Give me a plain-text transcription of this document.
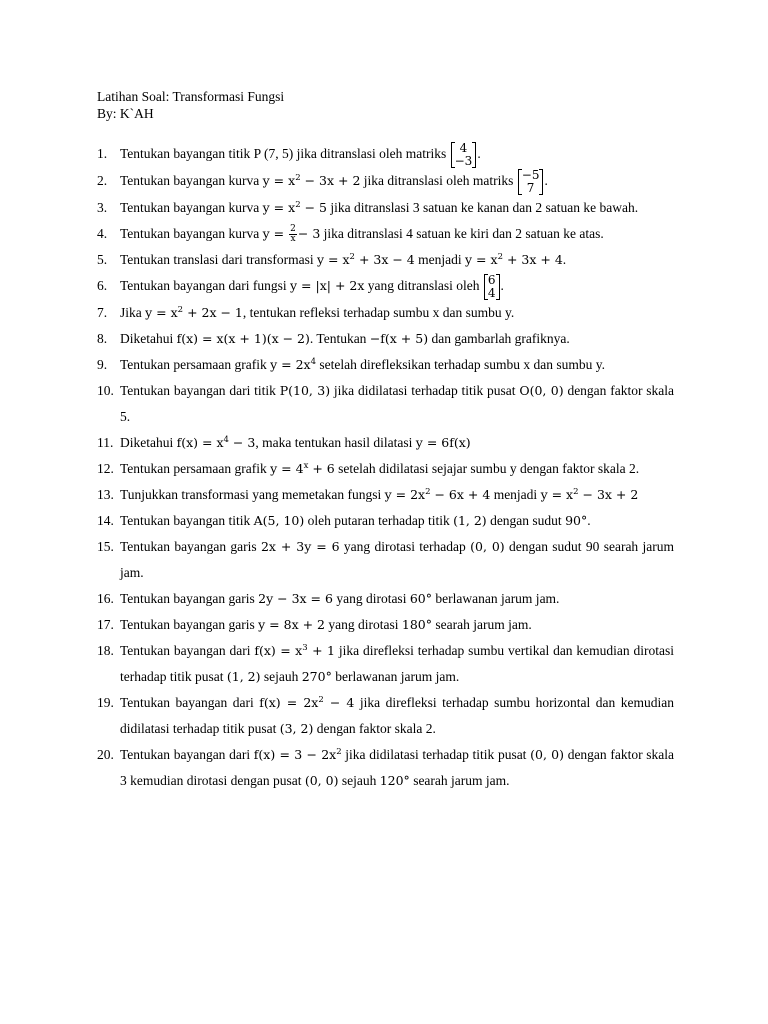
Latihan Soal: Transformasi Fungsi
By: K`AH
1. Tentukan bayangan titik P (7, 5) jika ditranslasi oleh matriks	4
−3 .
2. Tentukan bayangan kurva $y = x^2 - 3x + 2$ jika ditranslasi oleh matriks −5
7 .
3. Tentukan bayangan kurva $y = x^2 - 5$ jika ditranslasi 3 satuan ke kanan dan 2 satuan ke bawah.
4. Tentukan bayangan kurva $y = \frac{2}{x} - 3$ jika ditranslasi 4 satuan ke kiri dan 2 satuan ke atas.
5. Tentukan translasi dari transformasi $y = x^2 + 3x - 4$ menjadi $y = x^2 + 3x + 4$.
6. Tentukan bayangan dari fungsi y = |x| + 2x yang ditranslasi oleh 6
4 .
7. Jika $y = x^2 + 2x - 1$, tentukan refleksi terhadap sumbu x dan sumbu y.
8. Diketahui f(x) = x(x + 1)(x − 2). Tentukan −f(x + 5) dan gambarlah grafiknya.
9. Tentukan persamaan grafik $y = 2x^4$ setelah direfleksikan terhadap sumbu x dan sumbu y.
10. Tentukan bayangan dari titik P(10, 3) jika didilatasi terhadap titik pusat O(0, 0) dengan faktor skala 5.
11. Diketahui $f(x) = x^4 - 3$, maka tentukan hasil dilatasi y = 6f(x)
12. Tentukan persamaan grafik $y = 4^x + 6$ setelah didilatasi sejajar sumbu y dengan faktor skala 2.
13. Tunjukkan transformasi yang memetakan fungsi $y = 2x^2 - 6x + 4$ menjadi $y = x^2 - 3x + 2$
14. Tentukan bayangan titik A(5, 10) oleh putaran terhadap titik (1, 2) dengan sudut 90°.
15. Tentukan bayangan garis 2x + 3y = 6 yang dirotasi terhadap (0, 0) dengan sudut 90 searah jarum jam.
16. Tentukan bayangan garis 2y − 3x = 6 yang dirotasi 60° berlawanan jarum jam.
17. Tentukan bayangan garis y = 8x + 2 yang dirotasi 180° searah jarum jam.
18. Tentukan bayangan dari $f(x) = x^3 + 1$ jika direfleksi terhadap sumbu vertikal dan kemudian dirotasi terhadap titik pusat (1, 2) sejauh 270° berlawanan jarum jam.
19. Tentukan bayangan dari $f(x) = 2x^2 - 4$ jika direfleksi terhadap sumbu horizontal dan kemudian didilatasi terhadap titik pusat (3, 2) dengan faktor skala 2.
20. Tentukan bayangan dari $f(x) = 3 - 2x^2$ jika didilatasi terhadap titik pusat (0, 0) dengan faktor skala 3 kemudian dirotasi dengan pusat (0, 0) sejauh 120° searah jarum jam.
